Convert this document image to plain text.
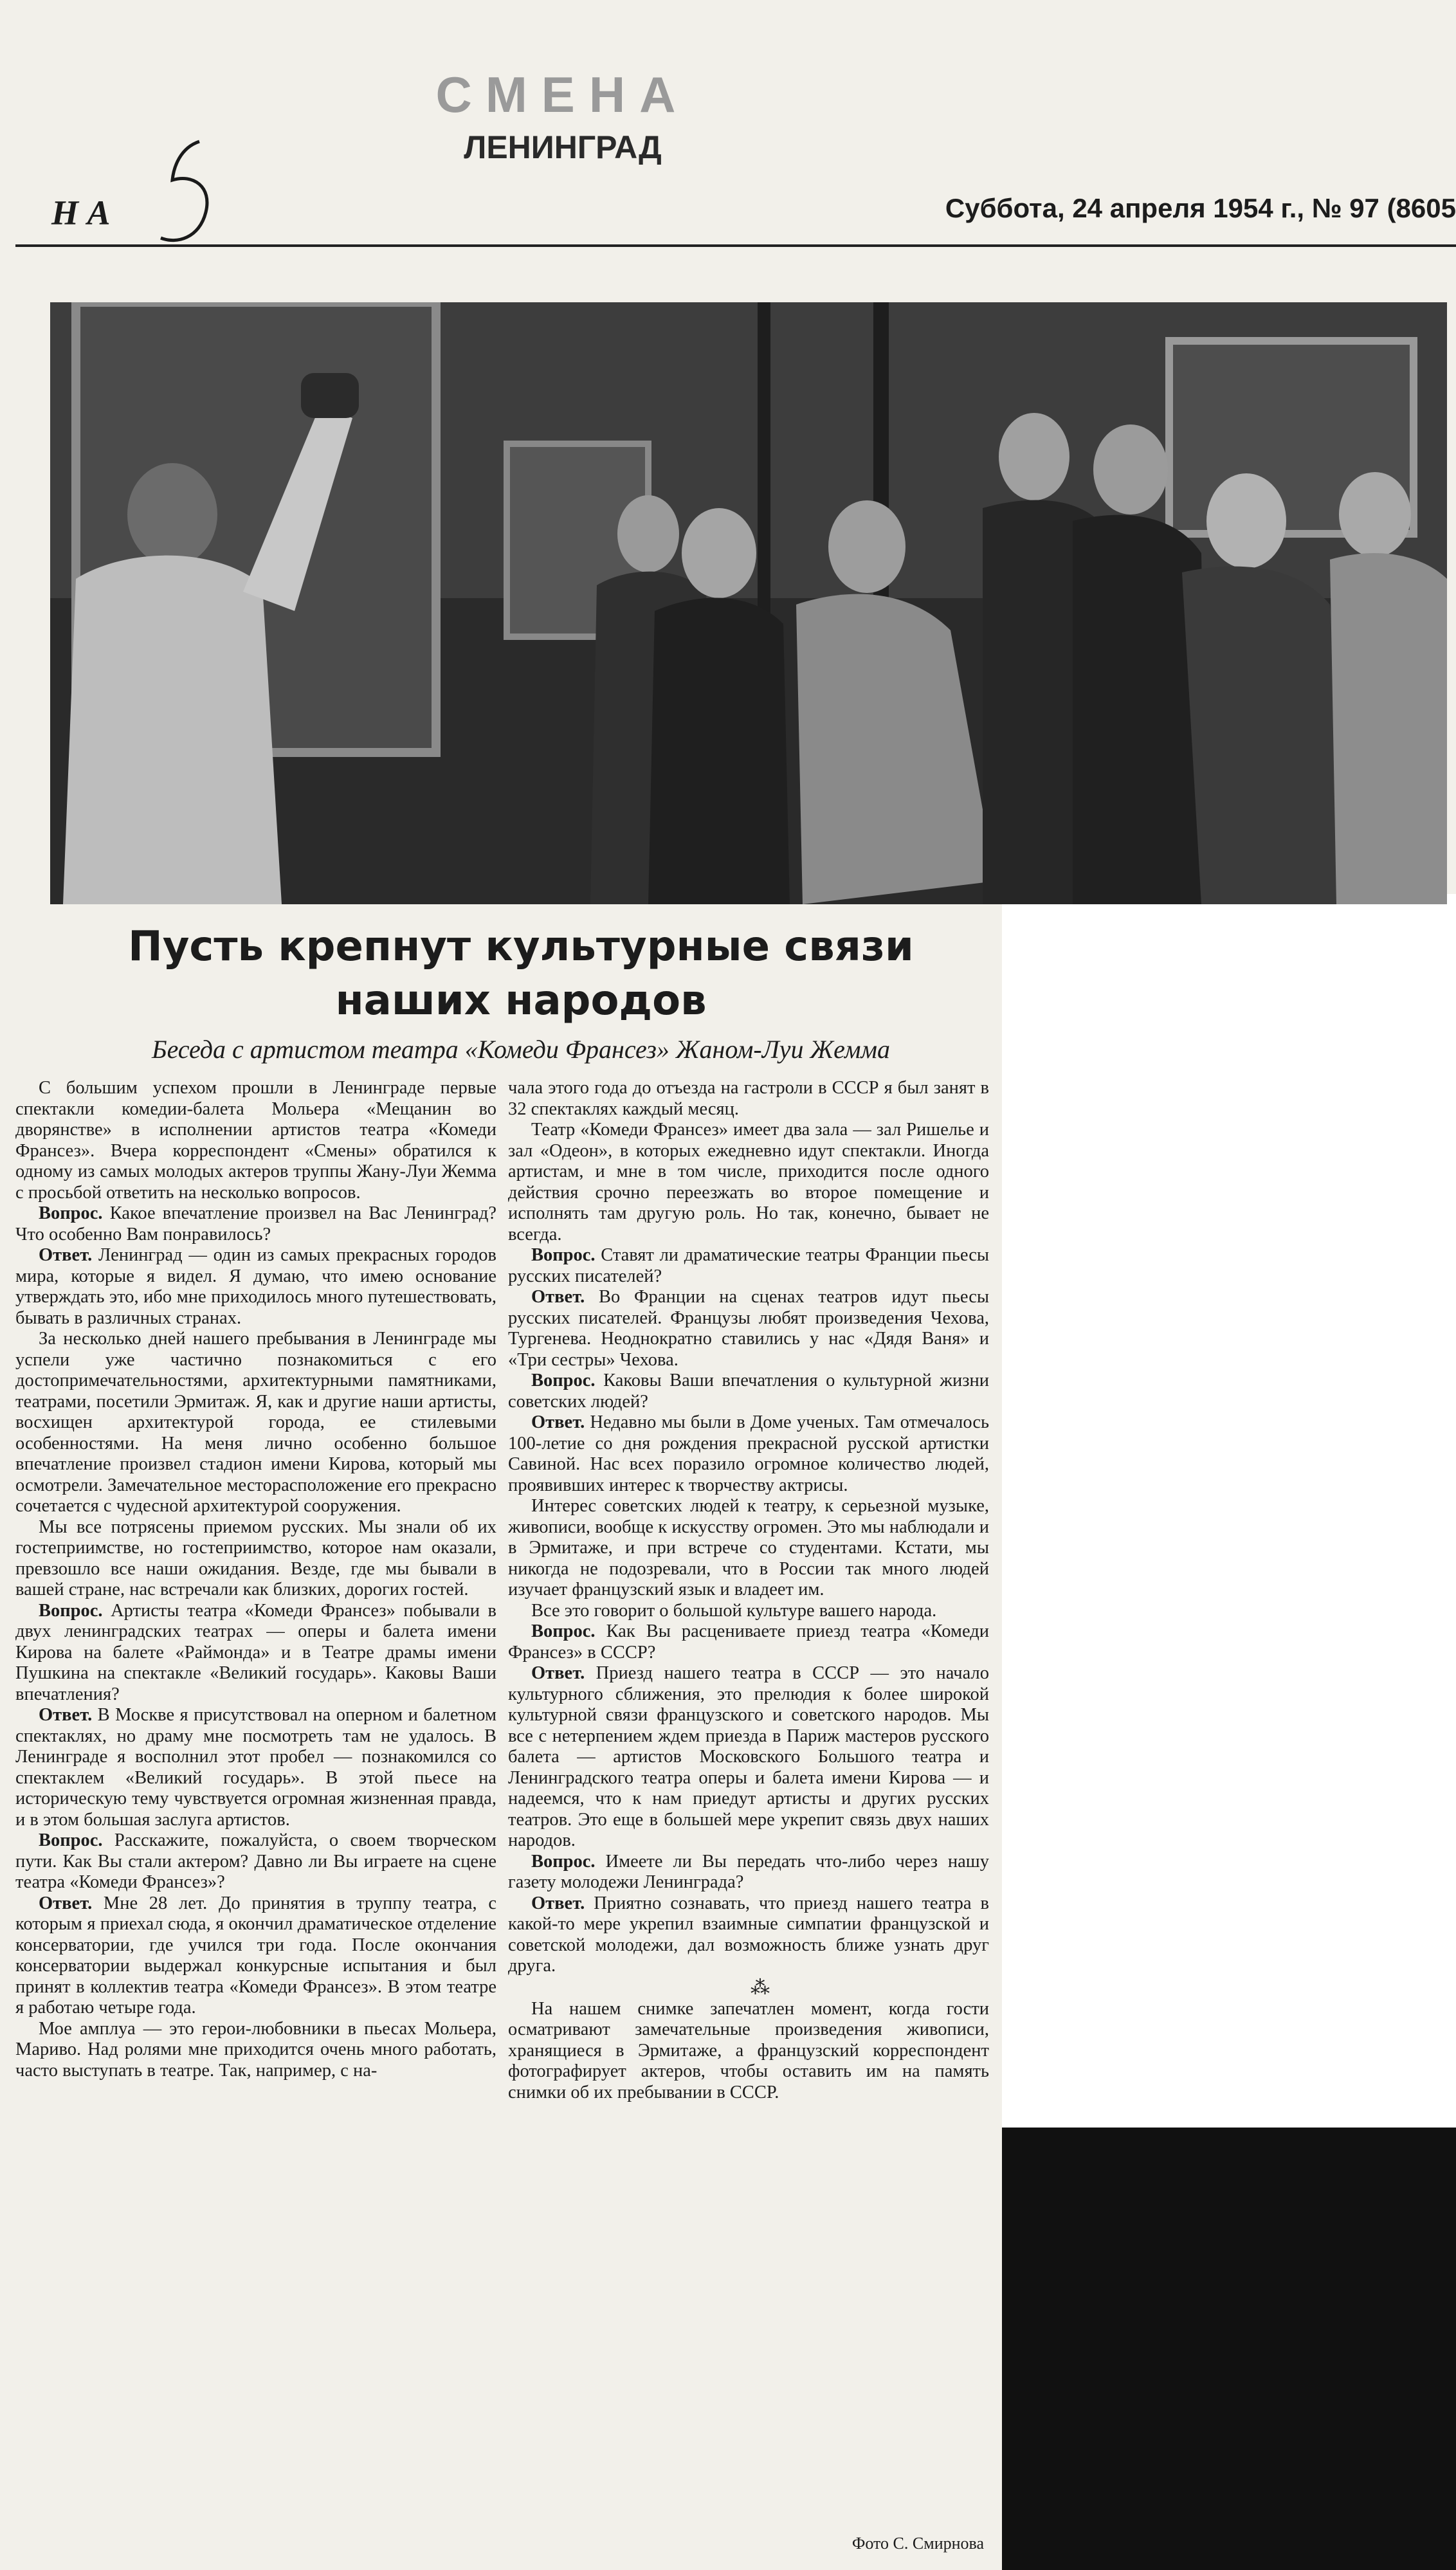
СМЕНА
ЛЕНИНГРАД
Н А	Суббота, 24 апреля 1954 г., № 97 (8605
Пусть крепнут культурные связи
наших народов
Беседа с артистом театра «Комеди Франсез» Жаном-Луи Жемма

С большим успехом прошли в Ленинграде первые спектакли комедии-балета Мольера «Мещанин во дворянстве» в исполнении артистов театра «Комеди Франсез». Вчера корреспондент «Смены» обратился к одному из самых молодых актеров труппы Жану-Луи Жемма с просьбой ответить на несколько вопросов.

Вопрос. Какое впечатление произвел на Вас Ленинград? Что особенно Вам понравилось?

Ответ. Ленинград — один из самых прекрасных городов мира, которые я видел. Я думаю, что имею основание утверждать это, ибо мне приходилось много путешествовать, бывать в различных странах.

За несколько дней нашего пребывания в Ленинграде мы успели уже частично познакомиться с его достопримечательностями, архитектурными памятниками, театрами, посетили Эрмитаж. Я, как и другие наши артисты, восхищен архитектурой города, ее стилевыми особенностями. На меня лично особенно большое впечатление произвел стадион имени Кирова, который мы осмотрели. Замечательное месторасположение его прекрасно сочетается с чудесной архитектурой сооружения.

Мы все потрясены приемом русских. Мы знали об их гостеприимстве, но гостеприимство, которое нам оказали, превзошло все наши ожидания. Везде, где мы бывали в вашей стране, нас встречали как близких, дорогих гостей.

Вопрос. Артисты театра «Комеди Франсез» побывали в двух ленинградских театрах — оперы и балета имени Кирова на балете «Раймонда» и в Театре драмы имени Пушкина на спектакле «Великий государь». Каковы Ваши впечатления?

Ответ. В Москве я присутствовал на оперном и балетном спектаклях, но драму мне посмотреть там не удалось. В Ленинграде я восполнил этот пробел — познакомился со спектаклем «Великий государь». В этой пьесе на историческую тему чувствуется огромная жизненная правда, и в этом большая заслуга артистов.

Вопрос. Расскажите, пожалуйста, о своем творческом пути. Как Вы стали актером? Давно ли Вы играете на сцене театра «Комеди Франсез»?

Ответ. Мне 28 лет. До принятия в труппу театра, с которым я приехал сюда, я окончил драматическое отделение консерватории, где учился три года. После окончания консерватории выдержал конкурсные испытания и был принят в коллектив театра «Комеди Франсез». В этом театре я работаю четыре года.

Мое амплуа — это герои-любовники в пьесах Мольера, Мариво. Над ролями мне приходится очень много работать, часто выступать в театре. Так, например, с на-

чала этого года до отъезда на гастроли в СССР я был занят в 32 спектаклях каждый месяц.

Театр «Комеди Франсез» имеет два зала — зал Ришелье и зал «Одеон», в которых ежедневно идут спектакли. Иногда артистам, и мне в том числе, приходится после одного действия срочно переезжать во второе помещение и исполнять там другую роль. Но так, конечно, бывает не всегда.

Вопрос. Ставят ли драматические театры Франции пьесы русских писателей?

Ответ. Во Франции на сценах театров идут пьесы русских писателей. Французы любят произведения Чехова, Тургенева. Неоднократно ставились у нас «Дядя Ваня» и «Три сестры» Чехова.

Вопрос. Каковы Ваши впечатления о культурной жизни советских людей?

Ответ. Недавно мы были в Доме ученых. Там отмечалось 100-летие со дня рождения прекрасной русской артистки Савиной. Нас всех поразило огромное количество людей, проявивших интерес к творчеству актрисы.

Интерес советских людей к театру, к серьезной музыке, живописи, вообще к искусству огромен. Это мы наблюдали и в Эрмитаже, и при встрече со студентами. Кстати, мы никогда не подозревали, что в России так много людей изучает французский язык и владеет им.

Все это говорит о большой культуре вашего народа.

Вопрос. Как Вы расцениваете приезд театра «Комеди Франсез» в СССР?

Ответ. Приезд нашего театра в СССР — это начало культурного сближения, это прелюдия к более широкой культурной связи французского и советского народов. Мы все с нетерпением ждем приезда в Париж мастеров русского балета — артистов Московского Большого театра и Ленинградского театра оперы и балета имени Кирова — и надеемся, что к нам приедут артисты и других русских театров. Это еще в большей мере укрепит связь двух наших народов.

Вопрос. Имеете ли Вы передать что-либо через нашу газету молодежи Ленинграда?

Ответ. Приятно сознавать, что приезд нашего театра в какой-то мере укрепил взаимные симпатии французской и советской молодежи, дал возможность ближе узнать друг друга.

⁂

На нашем снимке запечатлен момент, когда гости осматривают замечательные произведения живописи, хранящиеся в Эрмитаже, а французский корреспондент фотографирует актеров, чтобы оставить им на память снимки об их пребывании в СССР.

Фото С. Смирнова
